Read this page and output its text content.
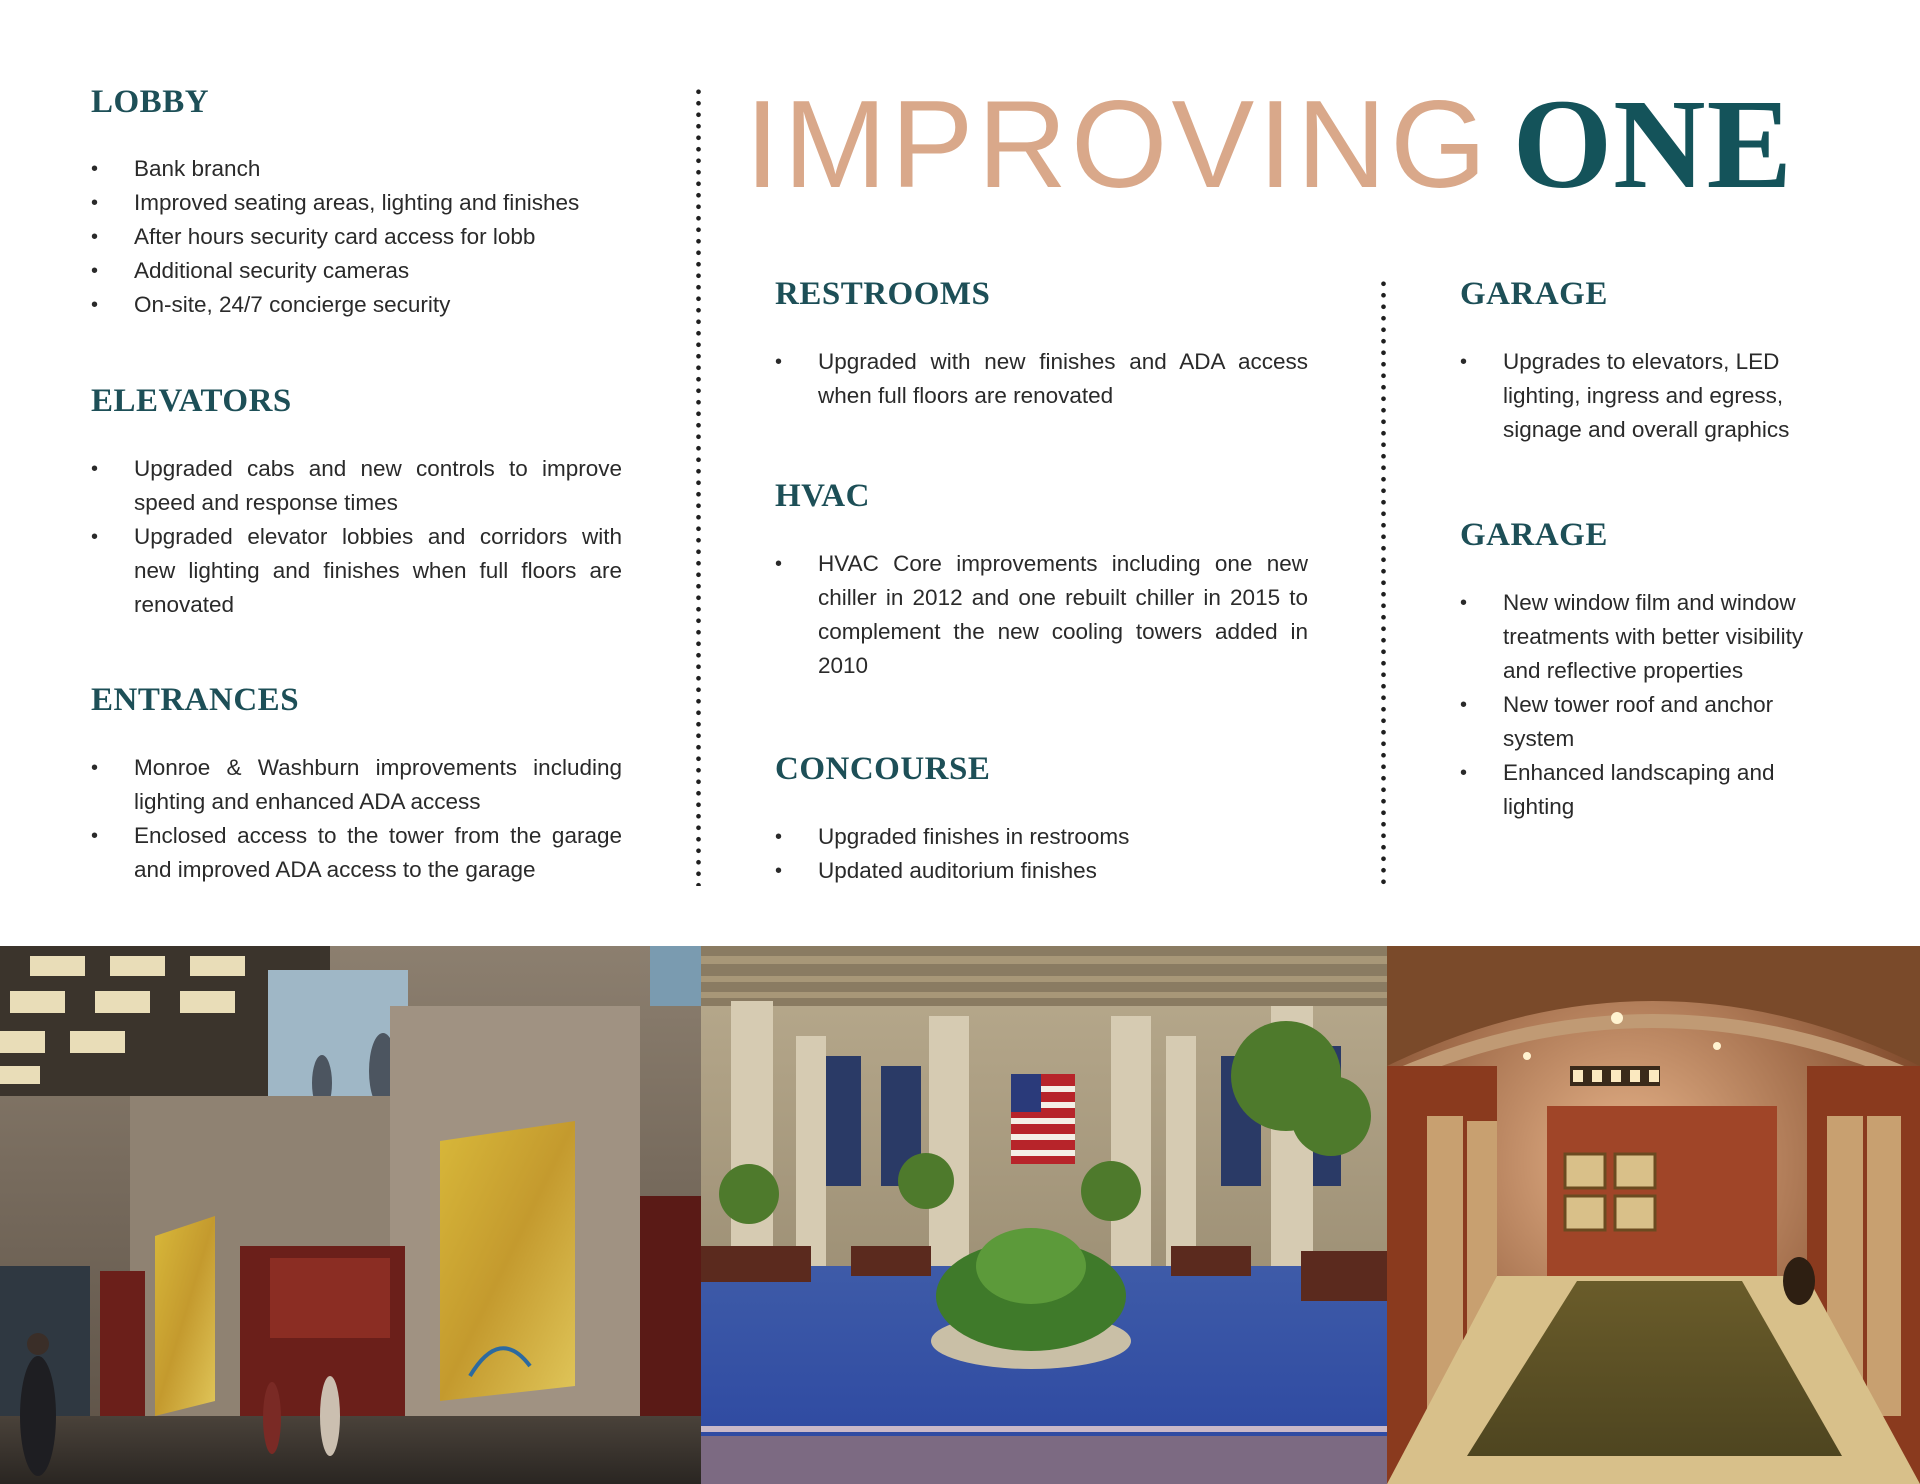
LOBBY
• Bank branch
• Improved seating areas, lighting and finishes
• After hours security card access for lobb
• Additional security cameras
• On-site, 24/7 concierge security
ELEVATORS
• Upgraded cabs and new controls to improve speed and response times
• Upgraded elevator lobbies and corridors with new lighting and finishes when full floors are renovated
ENTRANCES
• Monroe & Washburn improvements including lighting and enhanced ADA access
• Enclosed access to the tower from the garage and improved ADA access to the garage
IMPROVING ONE
RESTROOMS
• Upgraded with new finishes and ADA access when full floors are renovated
HVAC
• HVAC Core improvements including one new chiller in 2012 and one rebuilt chiller in 2015 to complement the new cooling towers added in 2010
CONCOURSE
• Upgraded finishes in restrooms
• Updated auditorium finishes
GARAGE
• Upgrades to elevators, LED lighting, ingress and egress, signage and overall graphics
GARAGE
• New window film and window treatments with better visibility and reflective properties
• New tower roof and anchor system
• Enhanced landscaping and lighting
